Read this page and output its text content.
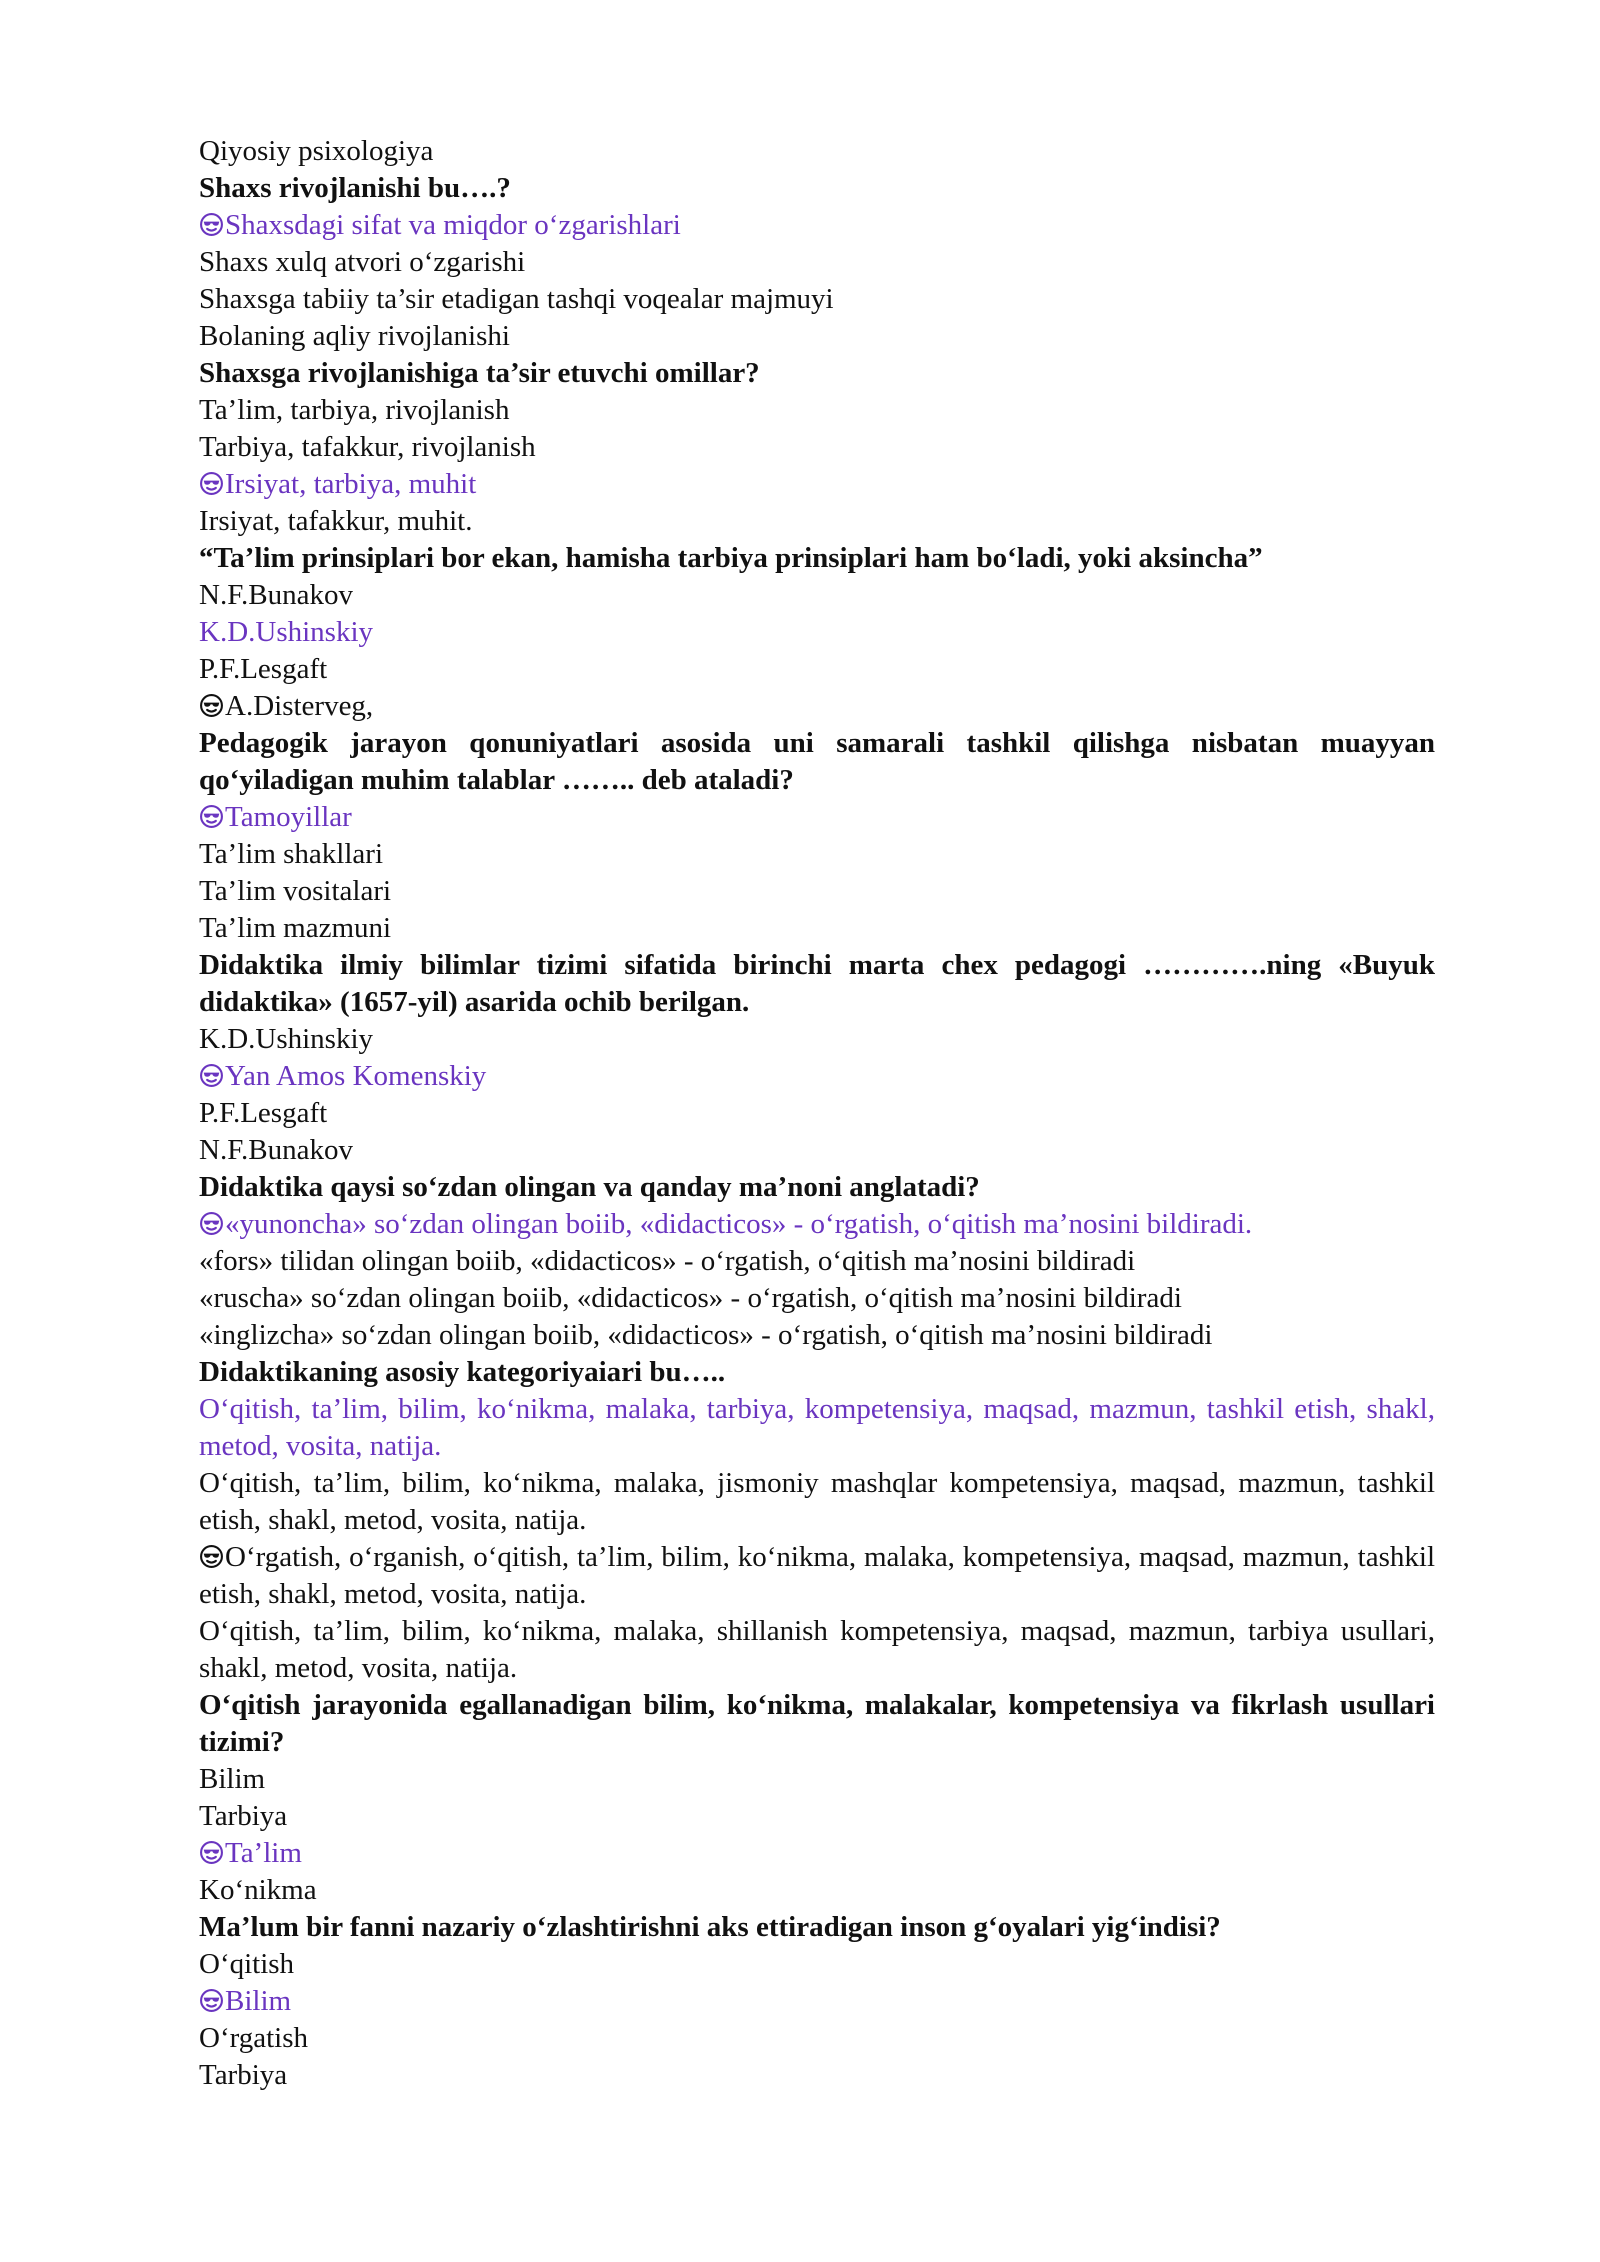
Qiyosiy psixologiya

Shaxs rivojlanishi bu….?

Shaxsdagi sifat va miqdor o‘zgarishlari

Shaxs xulq atvori o‘zgarishi

Shaxsga tabiiy ta’sir etadigan tashqi voqealar majmuyi

Bolaning aqliy rivojlanishi

Shaxsga rivojlanishiga ta’sir etuvchi omillar?

Ta’lim, tarbiya, rivojlanish

Tarbiya, tafakkur, rivojlanish

Irsiyat, tarbiya, muhit

Irsiyat, tafakkur, muhit.

“Ta’lim prinsiplari bor ekan, hamisha tarbiya prinsiplari ham bo‘ladi, yoki aksincha”

N.F.Bunakov

K.D.Ushinskiy

P.F.Lesgaft

A.Disterveg,

Pedagogik jarayon qonuniyatlari asosida uni samarali tashkil qilishga nisbatan muayyan qo‘yiladigan muhim talablar …….. deb ataladi?

Tamoyillar

Ta’lim shakllari

Ta’lim vositalari

Ta’lim mazmuni

Didaktika ilmiy bilimlar tizimi sifatida birinchi marta chex pedagogi ………….ning «Buyuk didaktika» (1657-yil) asarida ochib berilgan.

K.D.Ushinskiy

Yan Amos Komenskiy

P.F.Lesgaft

N.F.Bunakov

Didaktika qaysi so‘zdan olingan va qanday ma’noni anglatadi?

«yunoncha» so‘zdan olingan boiib, «didacticos» - o‘rgatish, o‘qitish ma’nosini bildiradi.

«fors» tilidan olingan boiib, «didacticos» - o‘rgatish, o‘qitish ma’nosini bildiradi

«ruscha» so‘zdan olingan boiib, «didacticos» - o‘rgatish, o‘qitish ma’nosini bildiradi

«inglizcha» so‘zdan olingan boiib, «didacticos» - o‘rgatish, o‘qitish ma’nosini bildiradi

Didaktikaning asosiy kategoriyaiari bu…..

O‘qitish, ta’lim, bilim, ko‘nikma, malaka, tarbiya, kompetensiya, maqsad, mazmun, tashkil etish, shakl, metod, vosita, natija.

O‘qitish, ta’lim, bilim, ko‘nikma, malaka, jismoniy mashqlar kompetensiya, maqsad, mazmun, tashkil etish, shakl, metod, vosita, natija.

O‘rgatish, o‘rganish, o‘qitish, ta’lim, bilim, ko‘nikma, malaka, kompetensiya, maqsad, mazmun, tashkil etish, shakl, metod, vosita, natija.

O‘qitish, ta’lim, bilim, ko‘nikma, malaka, shillanish kompetensiya, maqsad, mazmun, tarbiya usullari, shakl, metod, vosita, natija.

O‘qitish jarayonida egallanadigan bilim, ko‘nikma, malakalar, kompetensiya va fikrlash usullari tizimi?

Bilim

Tarbiya

Ta’lim

Ko‘nikma

Ma’lum bir fanni nazariy o‘zlashtirishni aks ettiradigan inson g‘oyalari yig‘indisi?

O‘qitish

Bilim

O‘rgatish

Tarbiya
